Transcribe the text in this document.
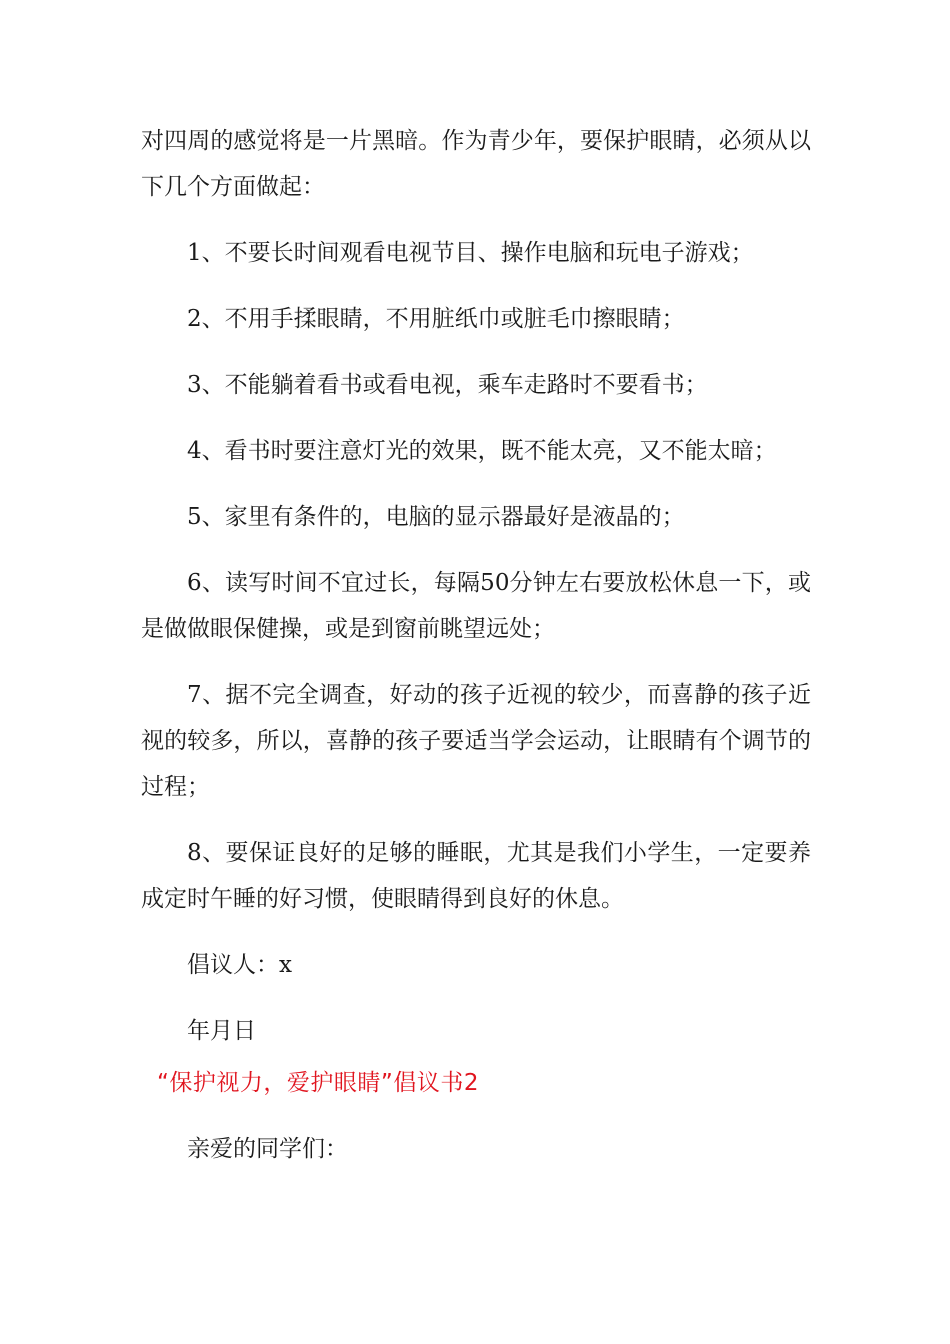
对四周的感觉将是一片黑暗。作为青少年，要保护眼睛，必须从以下几个方面做起：

1、不要长时间观看电视节目、操作电脑和玩电子游戏；

2、不用手揉眼睛，不用脏纸巾或脏毛巾擦眼睛；

3、不能躺着看书或看电视，乘车走路时不要看书；

4、看书时要注意灯光的效果，既不能太亮，又不能太暗；

5、家里有条件的，电脑的显示器最好是液晶的；

6、读写时间不宜过长，每隔50分钟左右要放松休息一下，或是做做眼保健操，或是到窗前眺望远处；

7、据不完全调查，好动的孩子近视的较少，而喜静的孩子近视的较多，所以，喜静的孩子要适当学会运动，让眼睛有个调节的过程；

8、要保证良好的足够的睡眠，尤其是我们小学生，一定要养成定时午睡的好习惯，使眼睛得到良好的休息。

倡议人：x

年月日

“保护视力，爱护眼睛”倡议书2

亲爱的同学们：
